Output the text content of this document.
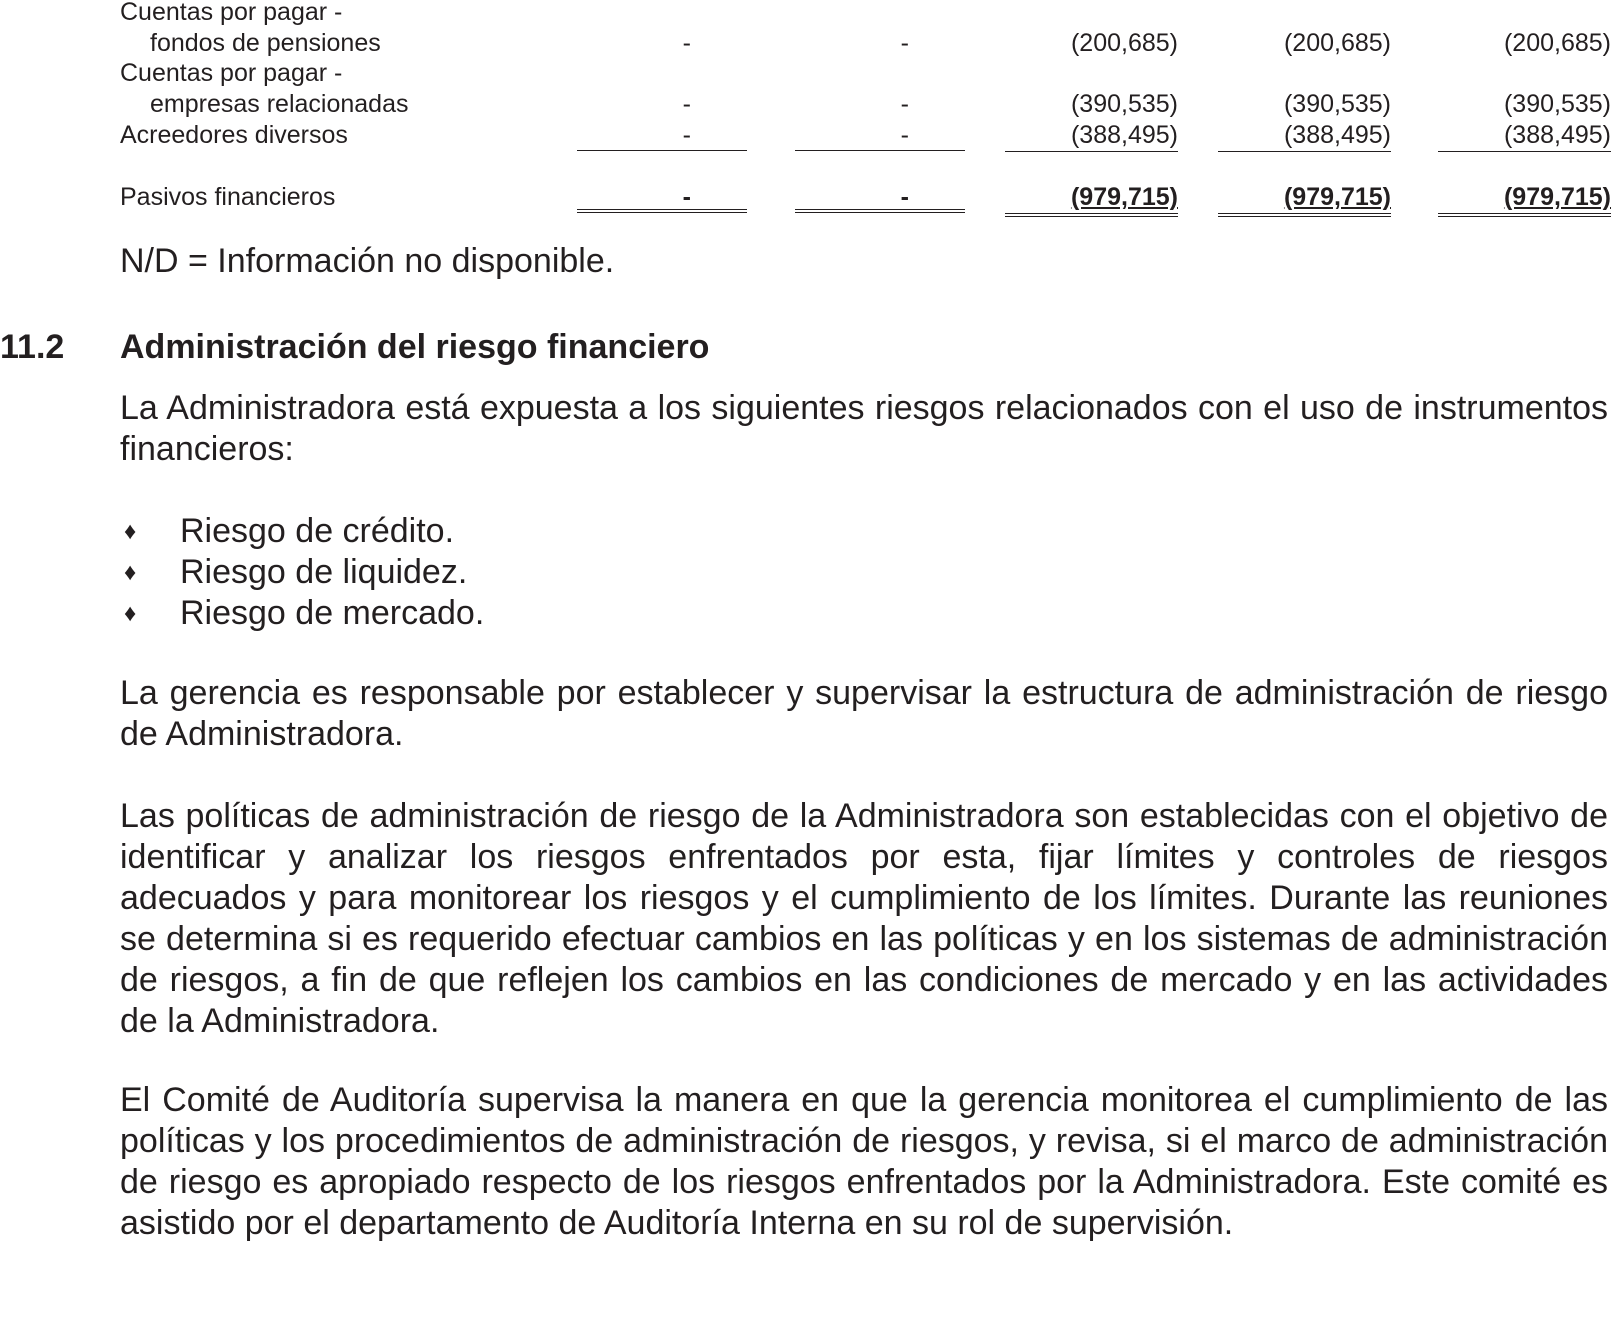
Cuentas por pagar -
fondos de pensiones	-	-	(200,685)	(200,685)	(200,685)
Cuentas por pagar -
empresas relacionadas	-	-	(390,535)	(390,535)	(390,535)
Acreedores diversos	-	-	(388,495)	(388,495)	(388,495)
Pasivos financieros	-	-	(979,715)	(979,715)	(979,715)
N/D = Información no disponible.
11.2 Administración del riesgo financiero

La Administradora está expuesta a los siguientes riesgos relacionados con el uso de instrumentos financieros:

♦ Riesgo de crédito.
♦ Riesgo de liquidez.
♦ Riesgo de mercado.

La gerencia es responsable por establecer y supervisar la estructura de administración de riesgo de Administradora.

Las políticas de administración de riesgo de la Administradora son establecidas con el objetivo de identificar y analizar los riesgos enfrentados por esta, fijar límites y controles de riesgos adecuados y para monitorear los riesgos y el cumplimiento de los límites. Durante las reuniones se determina si es requerido efectuar cambios en las políticas y en los sistemas de administración de riesgos, a fin de que reflejen los cambios en las condiciones de mercado y en las actividades de la Administradora.

El Comité de Auditoría supervisa la manera en que la gerencia monitorea el cumplimiento de las políticas y los procedimientos de administración de riesgos, y revisa, si el marco de administración de riesgo es apropiado respecto de los riesgos enfrentados por la Administradora. Este comité es asistido por el departamento de Auditoría Interna en su rol de supervisión.
